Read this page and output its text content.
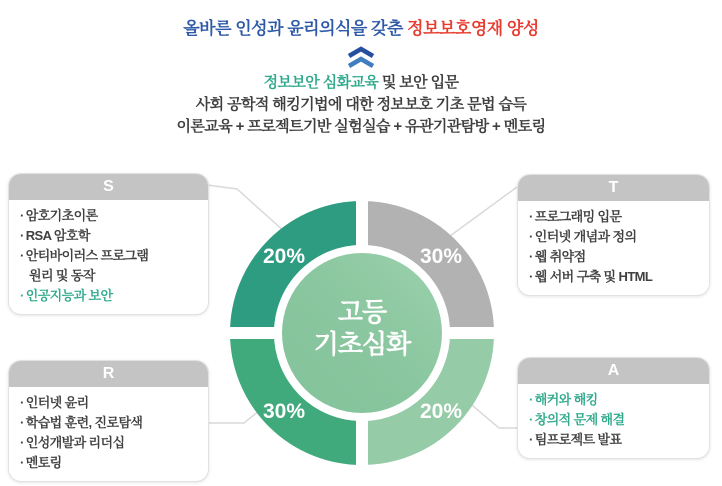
올바른 인성과 윤리의식을 갖춘 정보보호영재 양성
정보보안 심화교육 및 보안 입문
사회 공학적 해킹기법에 대한 정보보호 기초 문법 습득
이론교육 + 프로젝트기반 실험실습 + 유관기관탐방 + 멘토링
고등
기초심화
20%	30%
30%	20%
S
· 암호기초이론
· RSA 암호학
· 안티바이러스 프로그램
원리 및 동작
· 인공지능과 보안
T
· 프로그래밍 입문
· 인터넷 개념과 정의
· 웹 취약점
· 웹 서버 구축 및 HTML
R
· 인터넷 윤리
· 학습법 훈련, 진로탐색
· 인성개발과 리더십
· 멘토링
A
· 해커와 해킹
· 창의적 문제 해결
· 팀프로젝트 발표
